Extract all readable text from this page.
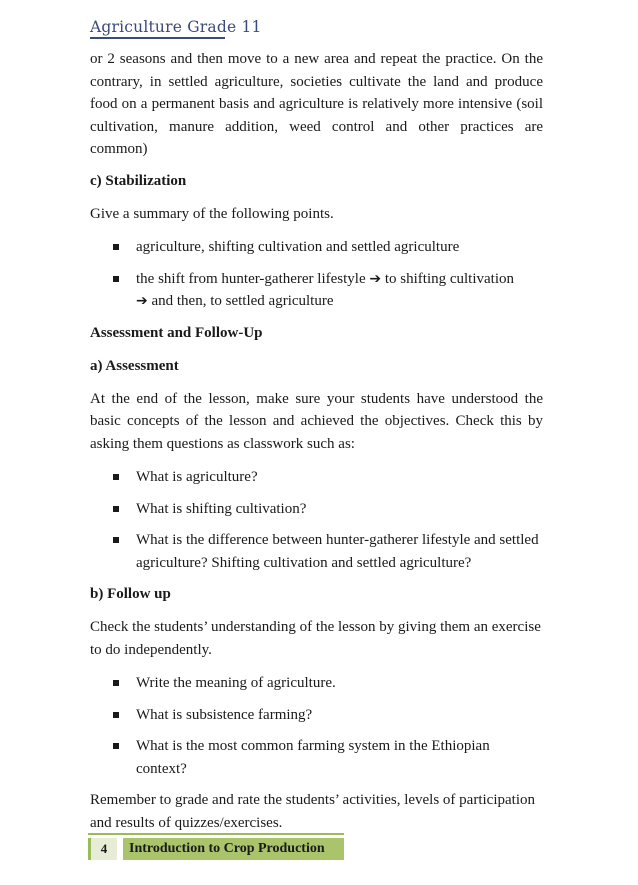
Agriculture Grade 11

or 2 seasons and then move to a new area and repeat the practice. On the contrary, in settled agriculture, societies cultivate the land and produce food on a permanent basis and agriculture is relatively more intensive (soil cultivation, manure addition, weed control and other practices are common)

c) Stabilization

Give a summary of the following points.

agriculture, shifting cultivation and settled agriculture
the shift from hunter-gatherer lifestyle ➔ to shifting cultivation
➔ and then, to settled agriculture
Assessment and Follow-Up
a) Assessment

At the end of the lesson, make sure your students have understood the basic concepts of the lesson and achieved the objectives. Check this by asking them questions as classwork such as:

What is agriculture?
What is shifting cultivation?
What is the difference between hunter-gatherer lifestyle and settled agriculture? Shifting cultivation and settled agriculture?
b) Follow up

Check the students’ understanding of the lesson by giving them an exercise to do independently.

Write the meaning of agriculture.
What is subsistence farming?
What is the most common farming system in the Ethiopian context?

Remember to grade and rate the students’ activities, levels of participation and results of quizzes/exercises.

4	Introduction to Crop Production
